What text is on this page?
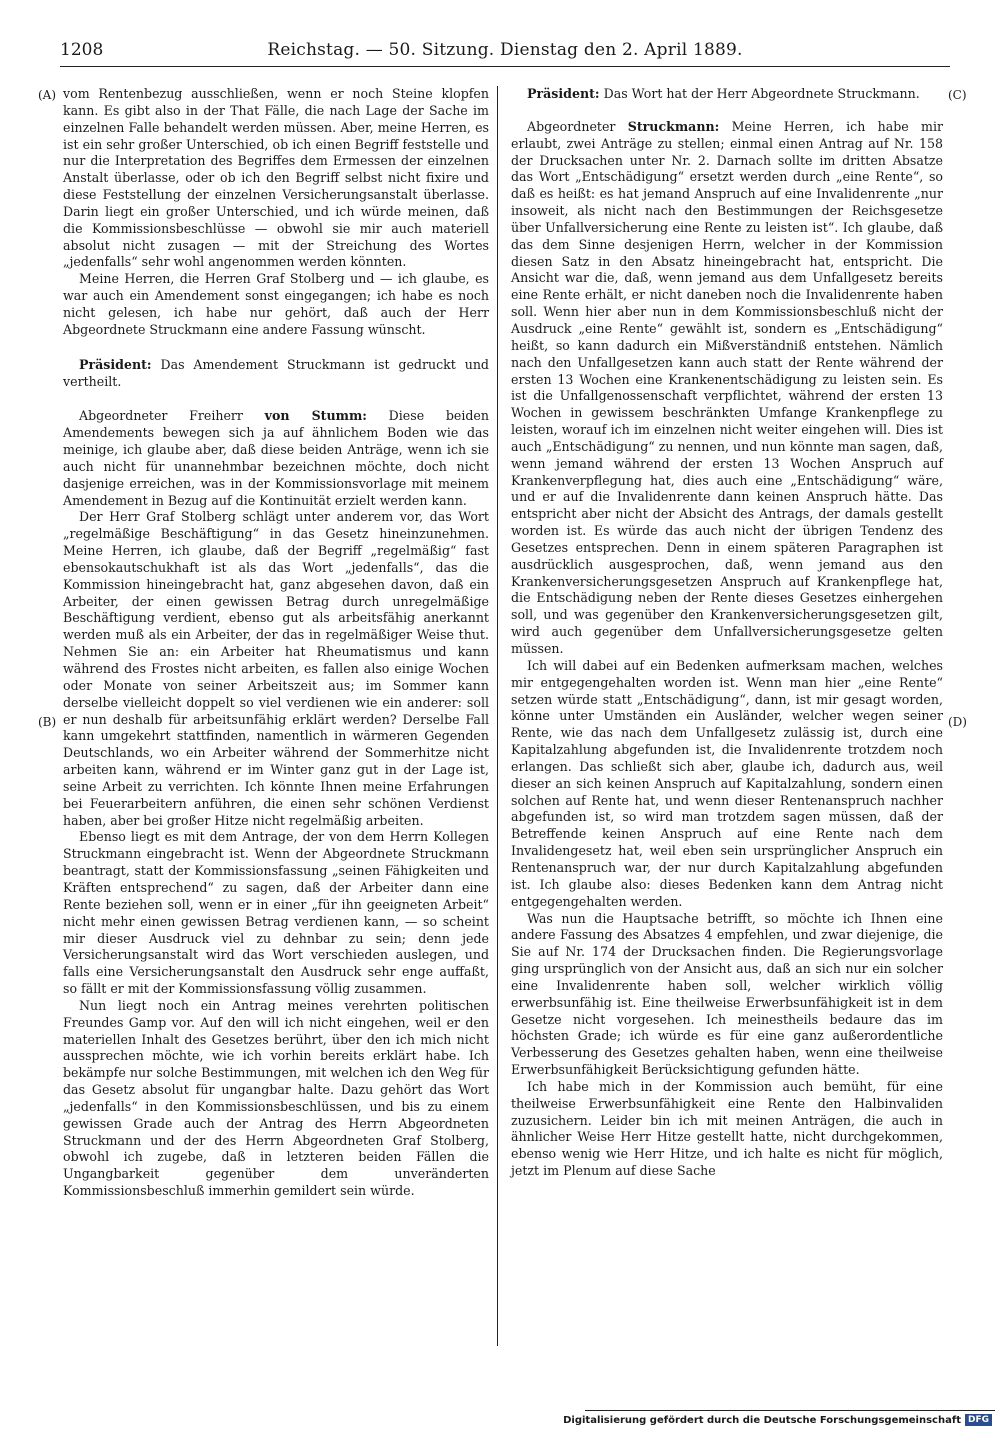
1208	Reichstag. — 50. Sitzung. Dienstag den 2. April 1889.
(A)
(B)
(C)
(D)

vom Rentenbezug ausschließen, wenn er noch Steine klopfen kann. Es gibt also in der That Fälle, die nach Lage der Sache im einzelnen Falle behandelt werden müssen. Aber, meine Herren, es ist ein sehr großer Unterschied, ob ich einen Begriff feststelle und nur die Interpretation des Begriffes dem Ermessen der einzelnen Anstalt überlasse, oder ob ich den Begriff selbst nicht fixire und diese Feststellung der einzelnen Versicherungsanstalt überlasse. Darin liegt ein großer Unterschied, und ich würde meinen, daß die Kommissionsbeschlüsse — obwohl sie mir auch materiell absolut nicht zusagen — mit der Streichung des Wortes „jedenfalls“ sehr wohl angenommen werden könnten.

Meine Herren, die Herren Graf Stolberg und — ich glaube, es war auch ein Amendement sonst eingegangen; ich habe es noch nicht gelesen, ich habe nur gehört, daß auch der Herr Abgeordnete Struckmann eine andere Fassung wünscht.

Präsident: Das Amendement Struckmann ist gedruckt und vertheilt.

Abgeordneter Freiherr von Stumm: Diese beiden Amendements bewegen sich ja auf ähnlichem Boden wie das meinige, ich glaube aber, daß diese beiden Anträge, wenn ich sie auch nicht für unannehmbar bezeichnen möchte, doch nicht dasjenige erreichen, was in der Kommissionsvorlage mit meinem Amendement in Bezug auf die Kontinuität erzielt werden kann.

Der Herr Graf Stolberg schlägt unter anderem vor, das Wort „regelmäßige Beschäftigung“ in das Gesetz hineinzunehmen. Meine Herren, ich glaube, daß der Begriff „regelmäßig“ fast ebensokautschukhaft ist als das Wort „jedenfalls“, das die Kommission hineingebracht hat, ganz abgesehen davon, daß ein Arbeiter, der einen gewissen Betrag durch unregelmäßige Beschäftigung verdient, ebenso gut als arbeitsfähig anerkannt werden muß als ein Arbeiter, der das in regelmäßiger Weise thut. Nehmen Sie an: ein Arbeiter hat Rheumatismus und kann während des Frostes nicht arbeiten, es fallen also einige Wochen oder Monate von seiner Arbeitszeit aus; im Sommer kann derselbe vielleicht doppelt so viel verdienen wie ein anderer: soll er nun deshalb für arbeitsunfähig erklärt werden? Derselbe Fall kann umgekehrt stattfinden, namentlich in wärmeren Gegenden Deutschlands, wo ein Arbeiter während der Sommerhitze nicht arbeiten kann, während er im Winter ganz gut in der Lage ist, seine Arbeit zu verrichten. Ich könnte Ihnen meine Erfahrungen bei Feuerarbeitern anführen, die einen sehr schönen Verdienst haben, aber bei großer Hitze nicht regelmäßig arbeiten.

Ebenso liegt es mit dem Antrage, der von dem Herrn Kollegen Struckmann eingebracht ist. Wenn der Abgeordnete Struckmann beantragt, statt der Kommissionsfassung „seinen Fähigkeiten und Kräften entsprechend“ zu sagen, daß der Arbeiter dann eine Rente beziehen soll, wenn er in einer „für ihn geeigneten Arbeit“ nicht mehr einen gewissen Betrag verdienen kann, — so scheint mir dieser Ausdruck viel zu dehnbar zu sein; denn jede Versicherungsanstalt wird das Wort verschieden auslegen, und falls eine Versicherungsanstalt den Ausdruck sehr enge auffaßt, so fällt er mit der Kommissionsfassung völlig zusammen.

Nun liegt noch ein Antrag meines verehrten politischen Freundes Gamp vor. Auf den will ich nicht eingehen, weil er den materiellen Inhalt des Gesetzes berührt, über den ich mich nicht aussprechen möchte, wie ich vorhin bereits erklärt habe. Ich bekämpfe nur solche Bestimmungen, mit welchen ich den Weg für das Gesetz absolut für ungangbar halte. Dazu gehört das Wort „jedenfalls“ in den Kommissionsbeschlüssen, und bis zu einem gewissen Grade auch der Antrag des Herrn Abgeordneten Struckmann und der des Herrn Abgeordneten Graf Stolberg, obwohl ich zugebe, daß in letzteren beiden Fällen die Ungangbarkeit gegenüber dem unveränderten Kommissionsbeschluß immerhin gemildert sein würde.

Präsident: Das Wort hat der Herr Abgeordnete Struckmann.

Abgeordneter Struckmann: Meine Herren, ich habe mir erlaubt, zwei Anträge zu stellen; einmal einen Antrag auf Nr. 158 der Drucksachen unter Nr. 2. Darnach sollte im dritten Absatze das Wort „Entschädigung“ ersetzt werden durch „eine Rente“, so daß es heißt: es hat jemand Anspruch auf eine Invalidenrente „nur insoweit, als nicht nach den Bestimmungen der Reichsgesetze über Unfallversicherung eine Rente zu leisten ist“. Ich glaube, daß das dem Sinne desjenigen Herrn, welcher in der Kommission diesen Satz in den Absatz hineingebracht hat, entspricht. Die Ansicht war die, daß, wenn jemand aus dem Unfallgesetz bereits eine Rente erhält, er nicht daneben noch die Invalidenrente haben soll. Wenn hier aber nun in dem Kommissionsbeschluß nicht der Ausdruck „eine Rente“ gewählt ist, sondern es „Entschädigung“ heißt, so kann dadurch ein Mißverständniß entstehen. Nämlich nach den Unfallgesetzen kann auch statt der Rente während der ersten 13 Wochen eine Krankenentschädigung zu leisten sein. Es ist die Unfallgenossenschaft verpflichtet, während der ersten 13 Wochen in gewissem beschränkten Umfange Krankenpflege zu leisten, worauf ich im einzelnen nicht weiter eingehen will. Dies ist auch „Entschädigung“ zu nennen, und nun könnte man sagen, daß, wenn jemand während der ersten 13 Wochen Anspruch auf Krankenverpflegung hat, dies auch eine „Entschädigung“ wäre, und er auf die Invalidenrente dann keinen Anspruch hätte. Das entspricht aber nicht der Absicht des Antrags, der damals gestellt worden ist. Es würde das auch nicht der übrigen Tendenz des Gesetzes entsprechen. Denn in einem späteren Paragraphen ist ausdrücklich ausgesprochen, daß, wenn jemand aus den Krankenversicherungsgesetzen Anspruch auf Krankenpflege hat, die Entschädigung neben der Rente dieses Gesetzes einhergehen soll, und was gegenüber den Krankenversicherungsgesetzen gilt, wird auch gegenüber dem Unfallversicherungsgesetze gelten müssen.

Ich will dabei auf ein Bedenken aufmerksam machen, welches mir entgegengehalten worden ist. Wenn man hier „eine Rente“ setzen würde statt „Entschädigung“, dann, ist mir gesagt worden, könne unter Umständen ein Ausländer, welcher wegen seiner Rente, wie das nach dem Unfallgesetz zulässig ist, durch eine Kapitalzahlung abgefunden ist, die Invalidenrente trotzdem noch erlangen. Das schließt sich aber, glaube ich, dadurch aus, weil dieser an sich keinen Anspruch auf Kapitalzahlung, sondern einen solchen auf Rente hat, und wenn dieser Rentenanspruch nachher abgefunden ist, so wird man trotzdem sagen müssen, daß der Betreffende keinen Anspruch auf eine Rente nach dem Invalidengesetz hat, weil eben sein ursprünglicher Anspruch ein Rentenanspruch war, der nur durch Kapitalzahlung abgefunden ist. Ich glaube also: dieses Bedenken kann dem Antrag nicht entgegengehalten werden.

Was nun die Hauptsache betrifft, so möchte ich Ihnen eine andere Fassung des Absatzes 4 empfehlen, und zwar diejenige, die Sie auf Nr. 174 der Drucksachen finden. Die Regierungsvorlage ging ursprünglich von der Ansicht aus, daß an sich nur ein solcher eine Invalidenrente haben soll, welcher wirklich völlig erwerbsunfähig ist. Eine theilweise Erwerbsunfähigkeit ist in dem Gesetze nicht vorgesehen. Ich meinestheils bedaure das im höchsten Grade; ich würde es für eine ganz außerordentliche Verbesserung des Gesetzes gehalten haben, wenn eine theilweise Erwerbsunfähigkeit Berücksichtigung gefunden hätte.

Ich habe mich in der Kommission auch bemüht, für eine theilweise Erwerbsunfähigkeit eine Rente den Halbinvaliden zuzusichern. Leider bin ich mit meinen Anträgen, die auch in ähnlicher Weise Herr Hitze gestellt hatte, nicht durchgekommen, ebenso wenig wie Herr Hitze, und ich halte es nicht für möglich, jetzt im Plenum auf diese Sache

Digitalisierung gefördert durch die Deutsche Forschungsgemeinschaft DFG
